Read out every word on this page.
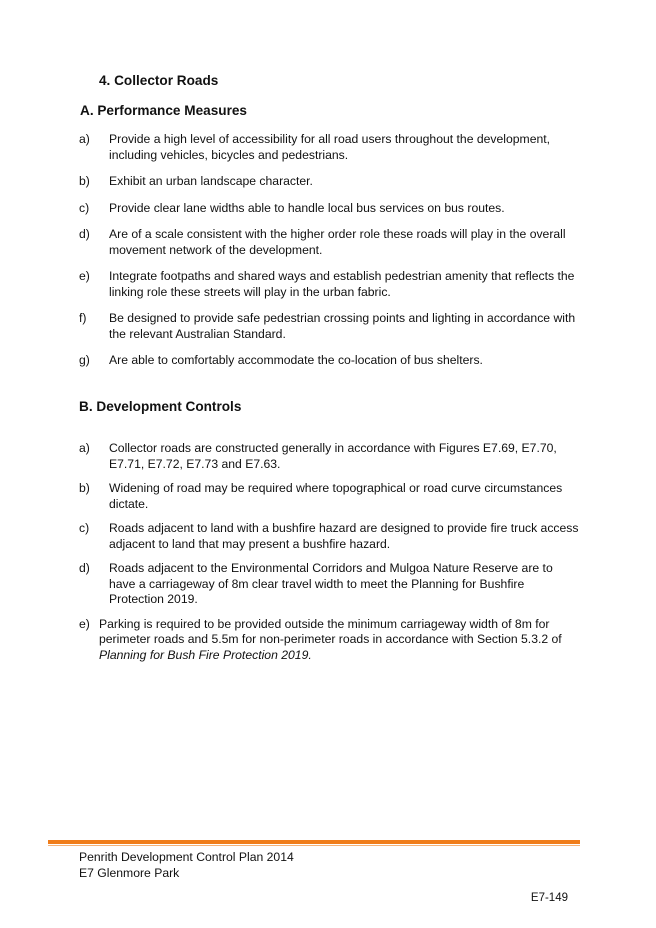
4. Collector Roads
A. Performance Measures
a) Provide a high level of accessibility for all road users throughout the development, including vehicles, bicycles and pedestrians.
b) Exhibit an urban landscape character.
c) Provide clear lane widths able to handle local bus services on bus routes.
d) Are of a scale consistent with the higher order role these roads will play in the overall movement network of the development.
e) Integrate footpaths and shared ways and establish pedestrian amenity that reflects the linking role these streets will play in the urban fabric.
f) Be designed to provide safe pedestrian crossing points and lighting in accordance with the relevant Australian Standard.
g) Are able to comfortably accommodate the co-location of bus shelters.
B. Development Controls
a) Collector roads are constructed generally in accordance with Figures E7.69, E7.70, E7.71, E7.72, E7.73 and E7.63.
b) Widening of road may be required where topographical or road curve circumstances dictate.
c) Roads adjacent to land with a bushfire hazard are designed to provide fire truck access adjacent to land that may present a bushfire hazard.
d) Roads adjacent to the Environmental Corridors and Mulgoa Nature Reserve are to have a carriageway of 8m clear travel width to meet the Planning for Bushfire Protection 2019.
e) Parking is required to be provided outside the minimum carriageway width of 8m for perimeter roads and 5.5m for non-perimeter roads in accordance with Section 5.3.2 of Planning for Bush Fire Protection 2019.
Penrith Development Control Plan 2014
E7 Glenmore Park
E7-149
